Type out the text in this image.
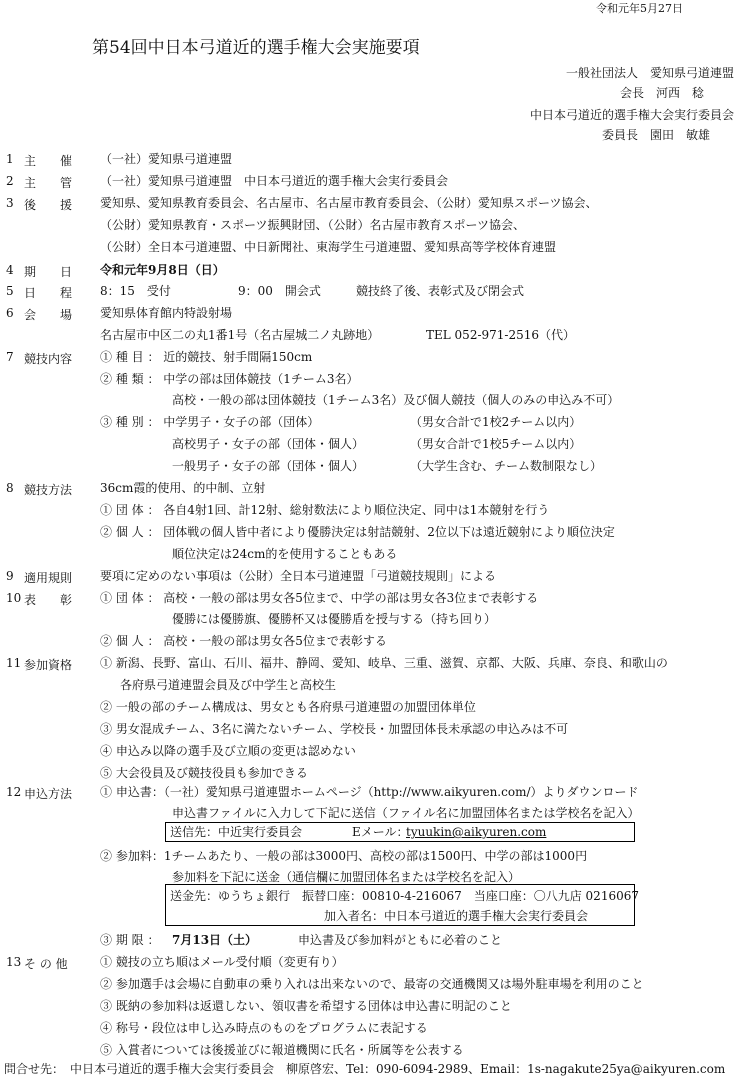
令和元年5月27日
第54回中日本弓道近的選手権大会実施要項
一般社団法人　愛知県弓道連盟
会長　河西　稔
中日本弓道近的選手権大会実行委員会
委員長　園田　敏雄
1 主　　催	（一社）愛知県弓道連盟
2 主　　管	（一社）愛知県弓道連盟　中日本弓道近的選手権大会実行委員会
3 後　　援	愛知県、愛知県教育委員会、名古屋市、名古屋市教育委員会、（公財）愛知県スポーツ協会、
（公財）愛知県教育・スポーツ振興財団、（公財）名古屋市教育スポーツ協会、
（公財）全日本弓道連盟、中日新聞社、東海学生弓道連盟、愛知県高等学校体育連盟
4 期　　日	令和元年9月8日（日）
5 日　　程	8：15　受付	9：00　開会式	競技終了後、表彰式及び閉会式
6 会　　場	愛知県体育館内特設射場
名古屋市中区二の丸1番1号（名古屋城二ノ丸跡地）	TEL 052-971-2516（代）
7 競技内容	① 種 目 ： 近的競技、射手間隔150cm
② 種 類 ： 中学の部は団体競技（1チーム3名）
高校・一般の部は団体競技（1チーム3名）及び個人競技（個人のみの申込み不可）
③ 種 別 ： 中学男子・女子の部（団体）	（男女合計で1校2チーム以内）
高校男子・女子の部（団体・個人）	（男女合計で1校5チーム以内）
一般男子・女子の部（団体・個人）	（大学生含む、チーム数制限なし）
8 競技方法	36cm霞的使用、的中制、立射
① 団 体 ： 各自4射1回、計12射、総射数法により順位決定、同中は1本競射を行う
② 個 人 ： 団体戦の個人皆中者により優勝決定は射詰競射、2位以下は遠近競射により順位決定
順位決定は24cm的を使用することもある
9 適用規則	要項に定めのない事項は（公財）全日本弓道連盟「弓道競技規則」による
10 表　　彰	① 団 体 ： 高校・一般の部は男女各5位まで、中学の部は男女各3位まで表彰する
優勝には優勝旗、優勝杯又は優勝盾を授与する（持ち回り）
② 個 人 ： 高校・一般の部は男女各5位まで表彰する
11 参加資格	① 新潟、長野、富山、石川、福井、静岡、愛知、岐阜、三重、滋賀、京都、大阪、兵庫、奈良、和歌山の
各府県弓道連盟会員及び中学生と高校生
② 一般の部のチーム構成は、男女とも各府県弓道連盟の加盟団体単位
③ 男女混成チーム、3名に満たないチーム、学校長・加盟団体長未承認の申込みは不可
④ 申込み以降の選手及び立順の変更は認めない
⑤ 大会役員及び競技役員も参加できる
12 申込方法	① 申込書：（一社）愛知県弓道連盟ホームページ（http://www.aikyuren.com/）よりダウンロード
申込書ファイルに入力して下記に送信（ファイル名に加盟団体名または学校名を記入）
送信先：中近実行委員会	Eメール：
tyuukin@aikyuren.com
② 参加料：1チームあたり、一般の部は3000円、高校の部は1500円、中学の部は1000円
参加料を下記に送金（通信欄に加盟団体名または学校名を記入）
送金先：ゆうちょ銀行　振替口座：00810-4-216067　当座口座：〇八九店 0216067
加入者名：中日本弓道近的選手権大会実行委員会
③ 期 限 ： 7月13日（土）	申込書及び参加料がともに必着のこと
13 そ の 他	① 競技の立ち順はメール受付順（変更有り）
② 参加選手は会場に自動車の乗り入れは出来ないので、最寄の交通機関又は場外駐車場を利用のこと
③ 既納の参加料は返還しない、領収書を希望する団体は申込書に明記のこと
④ 称号・段位は申し込み時点のものをプログラムに表記する
⑤ 入賞者については後援並びに報道機関に氏名・所属等を公表する
問合せ先：　中日本弓道近的選手権大会実行委員会　柳原啓宏、Tel：090-6094-2989、Email：1s-nagakute25ya@aikyuren.com
